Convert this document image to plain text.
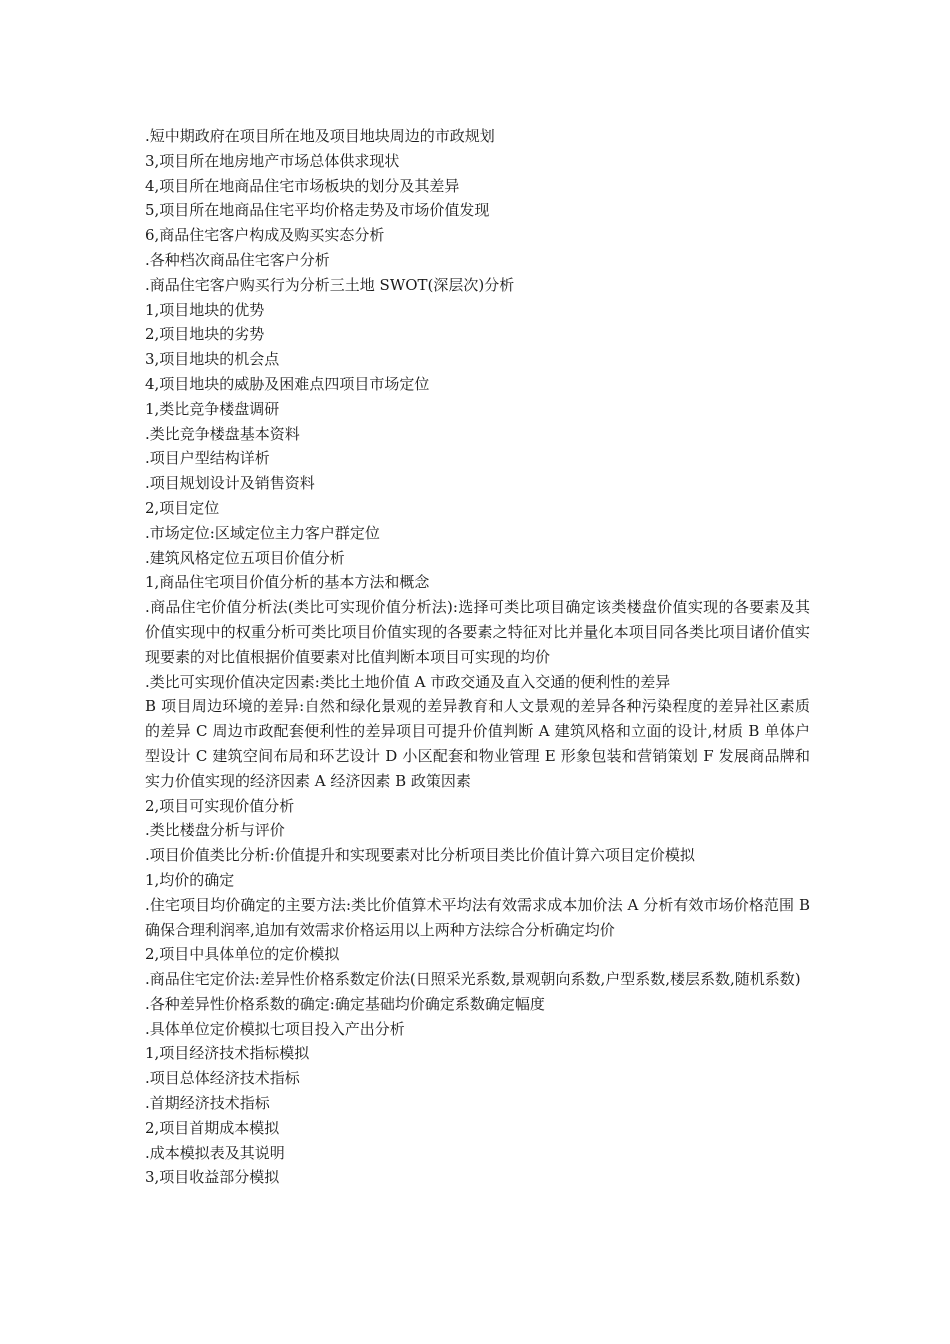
.短中期政府在项目所在地及项目地块周边的市政规划

3,项目所在地房地产市场总体供求现状

4,项目所在地商品住宅市场板块的划分及其差异

5,项目所在地商品住宅平均价格走势及市场价值发现

6,商品住宅客户构成及购买实态分析

.各种档次商品住宅客户分析

.商品住宅客户购买行为分析三土地 SWOT(深层次)分析

1,项目地块的优势

2,项目地块的劣势

3,项目地块的机会点

4,项目地块的威胁及困难点四项目市场定位

1,类比竞争楼盘调研

.类比竞争楼盘基本资料

.项目户型结构详析

.项目规划设计及销售资料

2,项目定位

.市场定位:区域定位主力客户群定位

.建筑风格定位五项目价值分析

1,商品住宅项目价值分析的基本方法和概念

.商品住宅价值分析法(类比可实现价值分析法):选择可类比项目确定该类楼盘价值实现的各要素及其价值实现中的权重分析可类比项目价值实现的各要素之特征对比并量化本项目同各类比项目诸价值实现要素的对比值根据价值要素对比值判断本项目可实现的均价

.类比可实现价值决定因素:类比土地价值 A 市政交通及直入交通的便利性的差异

B 项目周边环境的差异:自然和绿化景观的差异教育和人文景观的差异各种污染程度的差异社区素质的差异 C 周边市政配套便利性的差异项目可提升价值判断 A 建筑风格和立面的设计,材质 B 单体户型设计 C 建筑空间布局和环艺设计 D 小区配套和物业管理 E 形象包装和营销策划 F 发展商品牌和实力价值实现的经济因素 A 经济因素 B 政策因素

2,项目可实现价值分析

.类比楼盘分析与评价

.项目价值类比分析:价值提升和实现要素对比分析项目类比价值计算六项目定价模拟

1,均价的确定

.住宅项目均价确定的主要方法:类比价值算术平均法有效需求成本加价法 A 分析有效市场价格范围 B 确保合理利润率,追加有效需求价格运用以上两种方法综合分析确定均价

2,项目中具体单位的定价模拟

.商品住宅定价法:差异性价格系数定价法(日照采光系数,景观朝向系数,户型系数,楼层系数,随机系数)

.各种差异性价格系数的确定:确定基础均价确定系数确定幅度

.具体单位定价模拟七项目投入产出分析

1,项目经济技术指标模拟

.项目总体经济技术指标

.首期经济技术指标

2,项目首期成本模拟

.成本模拟表及其说明

3,项目收益部分模拟
